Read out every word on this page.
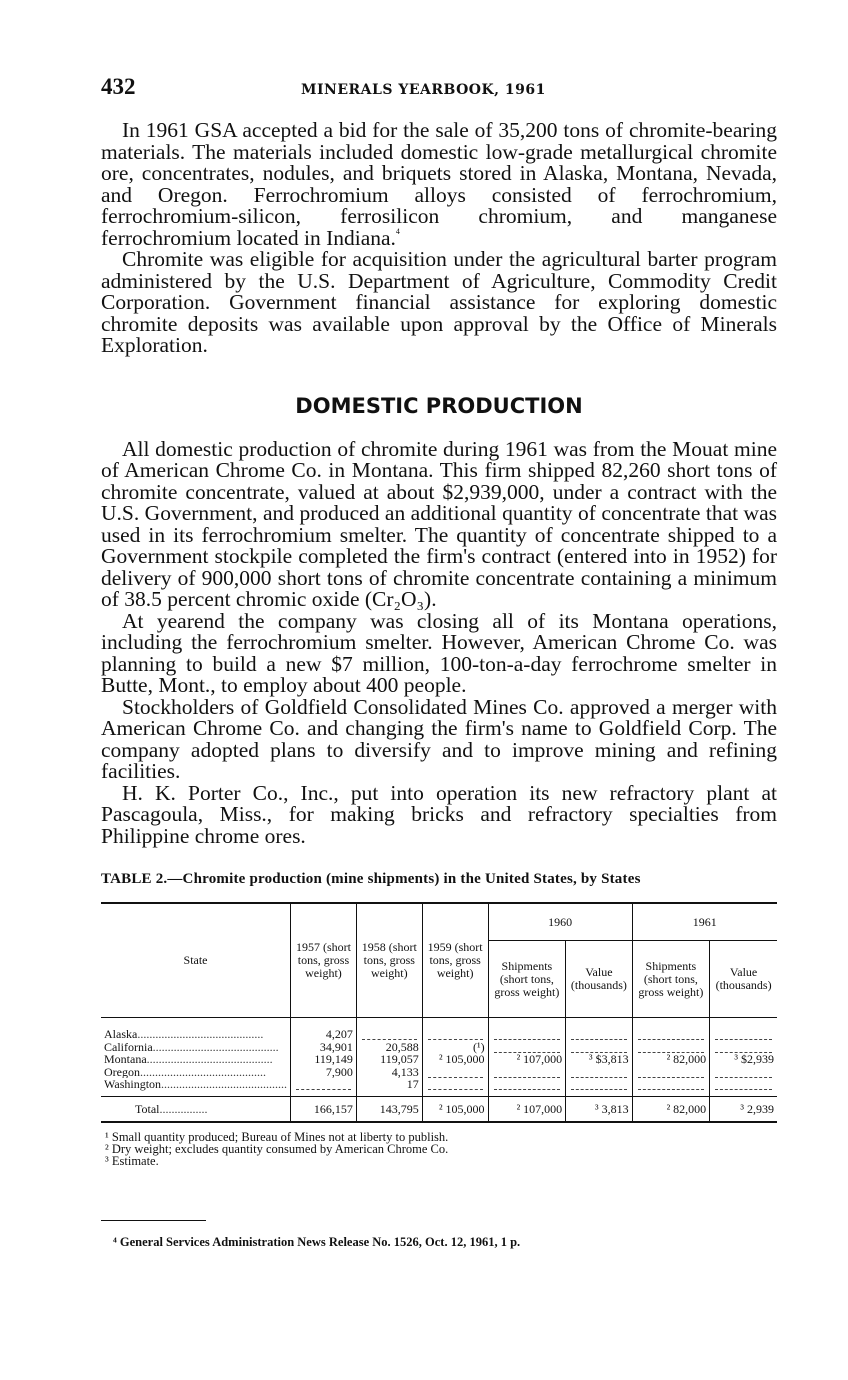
432	MINERALS YEARBOOK, 1961

In 1961 GSA accepted a bid for the sale of 35,200 tons of chromite-bearing materials. The materials included domestic low-grade metallurgical chromite ore, concentrates, nodules, and briquets stored in Alaska, Montana, Nevada, and Oregon. Ferrochromium alloys consisted of ferrochromium, ferrochromium-silicon, ferrosilicon chromium, and manganese ferrochromium located in Indiana.$^4$

Chromite was eligible for acquisition under the agricultural barter program administered by the U.S. Department of Agriculture, Commodity Credit Corporation. Government financial assistance for exploring domestic chromite deposits was available upon approval by the Office of Minerals Exploration.

DOMESTIC PRODUCTION

All domestic production of chromite during 1961 was from the Mouat mine of American Chrome Co. in Montana. This firm shipped 82,260 short tons of chromite concentrate, valued at about $2,939,000, under a contract with the U.S. Government, and produced an additional quantity of concentrate that was used in its ferrochromium smelter. The quantity of concentrate shipped to a Government stockpile completed the firm's contract (entered into in 1952) for delivery of 900,000 short tons of chromite concentrate containing a minimum of 38.5 percent chromic oxide (Cr₂O₃).

At yearend the company was closing all of its Montana operations, including the ferrochromium smelter. However, American Chrome Co. was planning to build a new $7 million, 100-ton-a-day ferrochrome smelter in Butte, Mont., to employ about 400 people.

Stockholders of Goldfield Consolidated Mines Co. approved a merger with American Chrome Co. and changing the firm's name to Goldfield Corp. The company adopted plans to diversify and to improve mining and refining facilities.

H. K. Porter Co., Inc., put into operation its new refractory plant at Pascagoula, Miss., for making bricks and refractory specialties from Philippine chrome ores.

TABLE 2.—Chromite production (mine shipments) in the United States, by States
State	1957 (short tons, gross weight)	1958 (short tons, gross weight)	1959 (short tons, gross weight)	1960		1961	
				Shipments (short tons, gross weight)	Value (thousands)	Shipments (short tons, gross weight)	Value (thousands)
Alaska..........................................	4,207	

California..........................................	34,901	20,588	(¹)	

Montana..........................................	119,149	119,057	² 105,000	² 107,000	³ $3,813	² 82,000	³ $2,939
Oregon..........................................	7,900	4,133	

Washington..........................................		17	

Total................	166,157	143,795	² 105,000	² 107,000	³ 3,813	² 82,000	³ 2,939
¹ Small quantity produced; Bureau of Mines not at liberty to publish.
² Dry weight; excludes quantity consumed by American Chrome Co.
³ Estimate.
⁴ General Services Administration News Release No. 1526, Oct. 12, 1961, 1 p.
